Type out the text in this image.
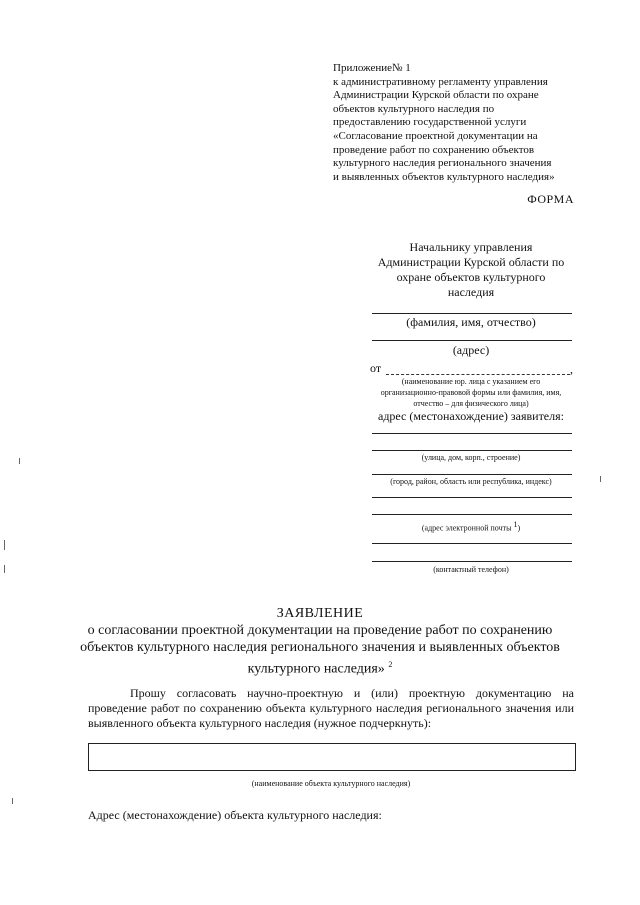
Приложение№ 1
к административному регламенту управления
Администрации Курской области по охране
объектов культурного наследия по
предоставлению государственной услуги
«Согласование проектной документации на
проведение работ по сохранению объектов
культурного наследия регионального значения
и выявленных объектов культурного наследия»
ФОРМА
Начальнику управления
Администрации Курской области по
охране объектов культурного
наследия
(фамилия, имя, отчество)
(адрес)
от	,
(наименование юр. лица с указанием его организационно-правовой формы или фамилия, имя, отчество – для физического лица)
адрес (местонахождение) заявителя:
(улица, дом, корп., строение)
(город, район, область или республика, индекс)
(адрес электронной почты $^1$)
(контактный телефон)
ЗАЯВЛЕНИЕ
о согласовании проектной документации на проведение работ по сохранению объектов культурного наследия регионального значения и выявленных объектов культурного наследия» $^2$
Прошу согласовать научно-проектную и (или) проектную документацию на проведение работ по сохранению объекта культурного наследия регионального значения или выявленного объекта культурного наследия (нужное подчеркнуть):
(наименование объекта культурного наследия)
Адрес (местонахождение) объекта культурного наследия:
